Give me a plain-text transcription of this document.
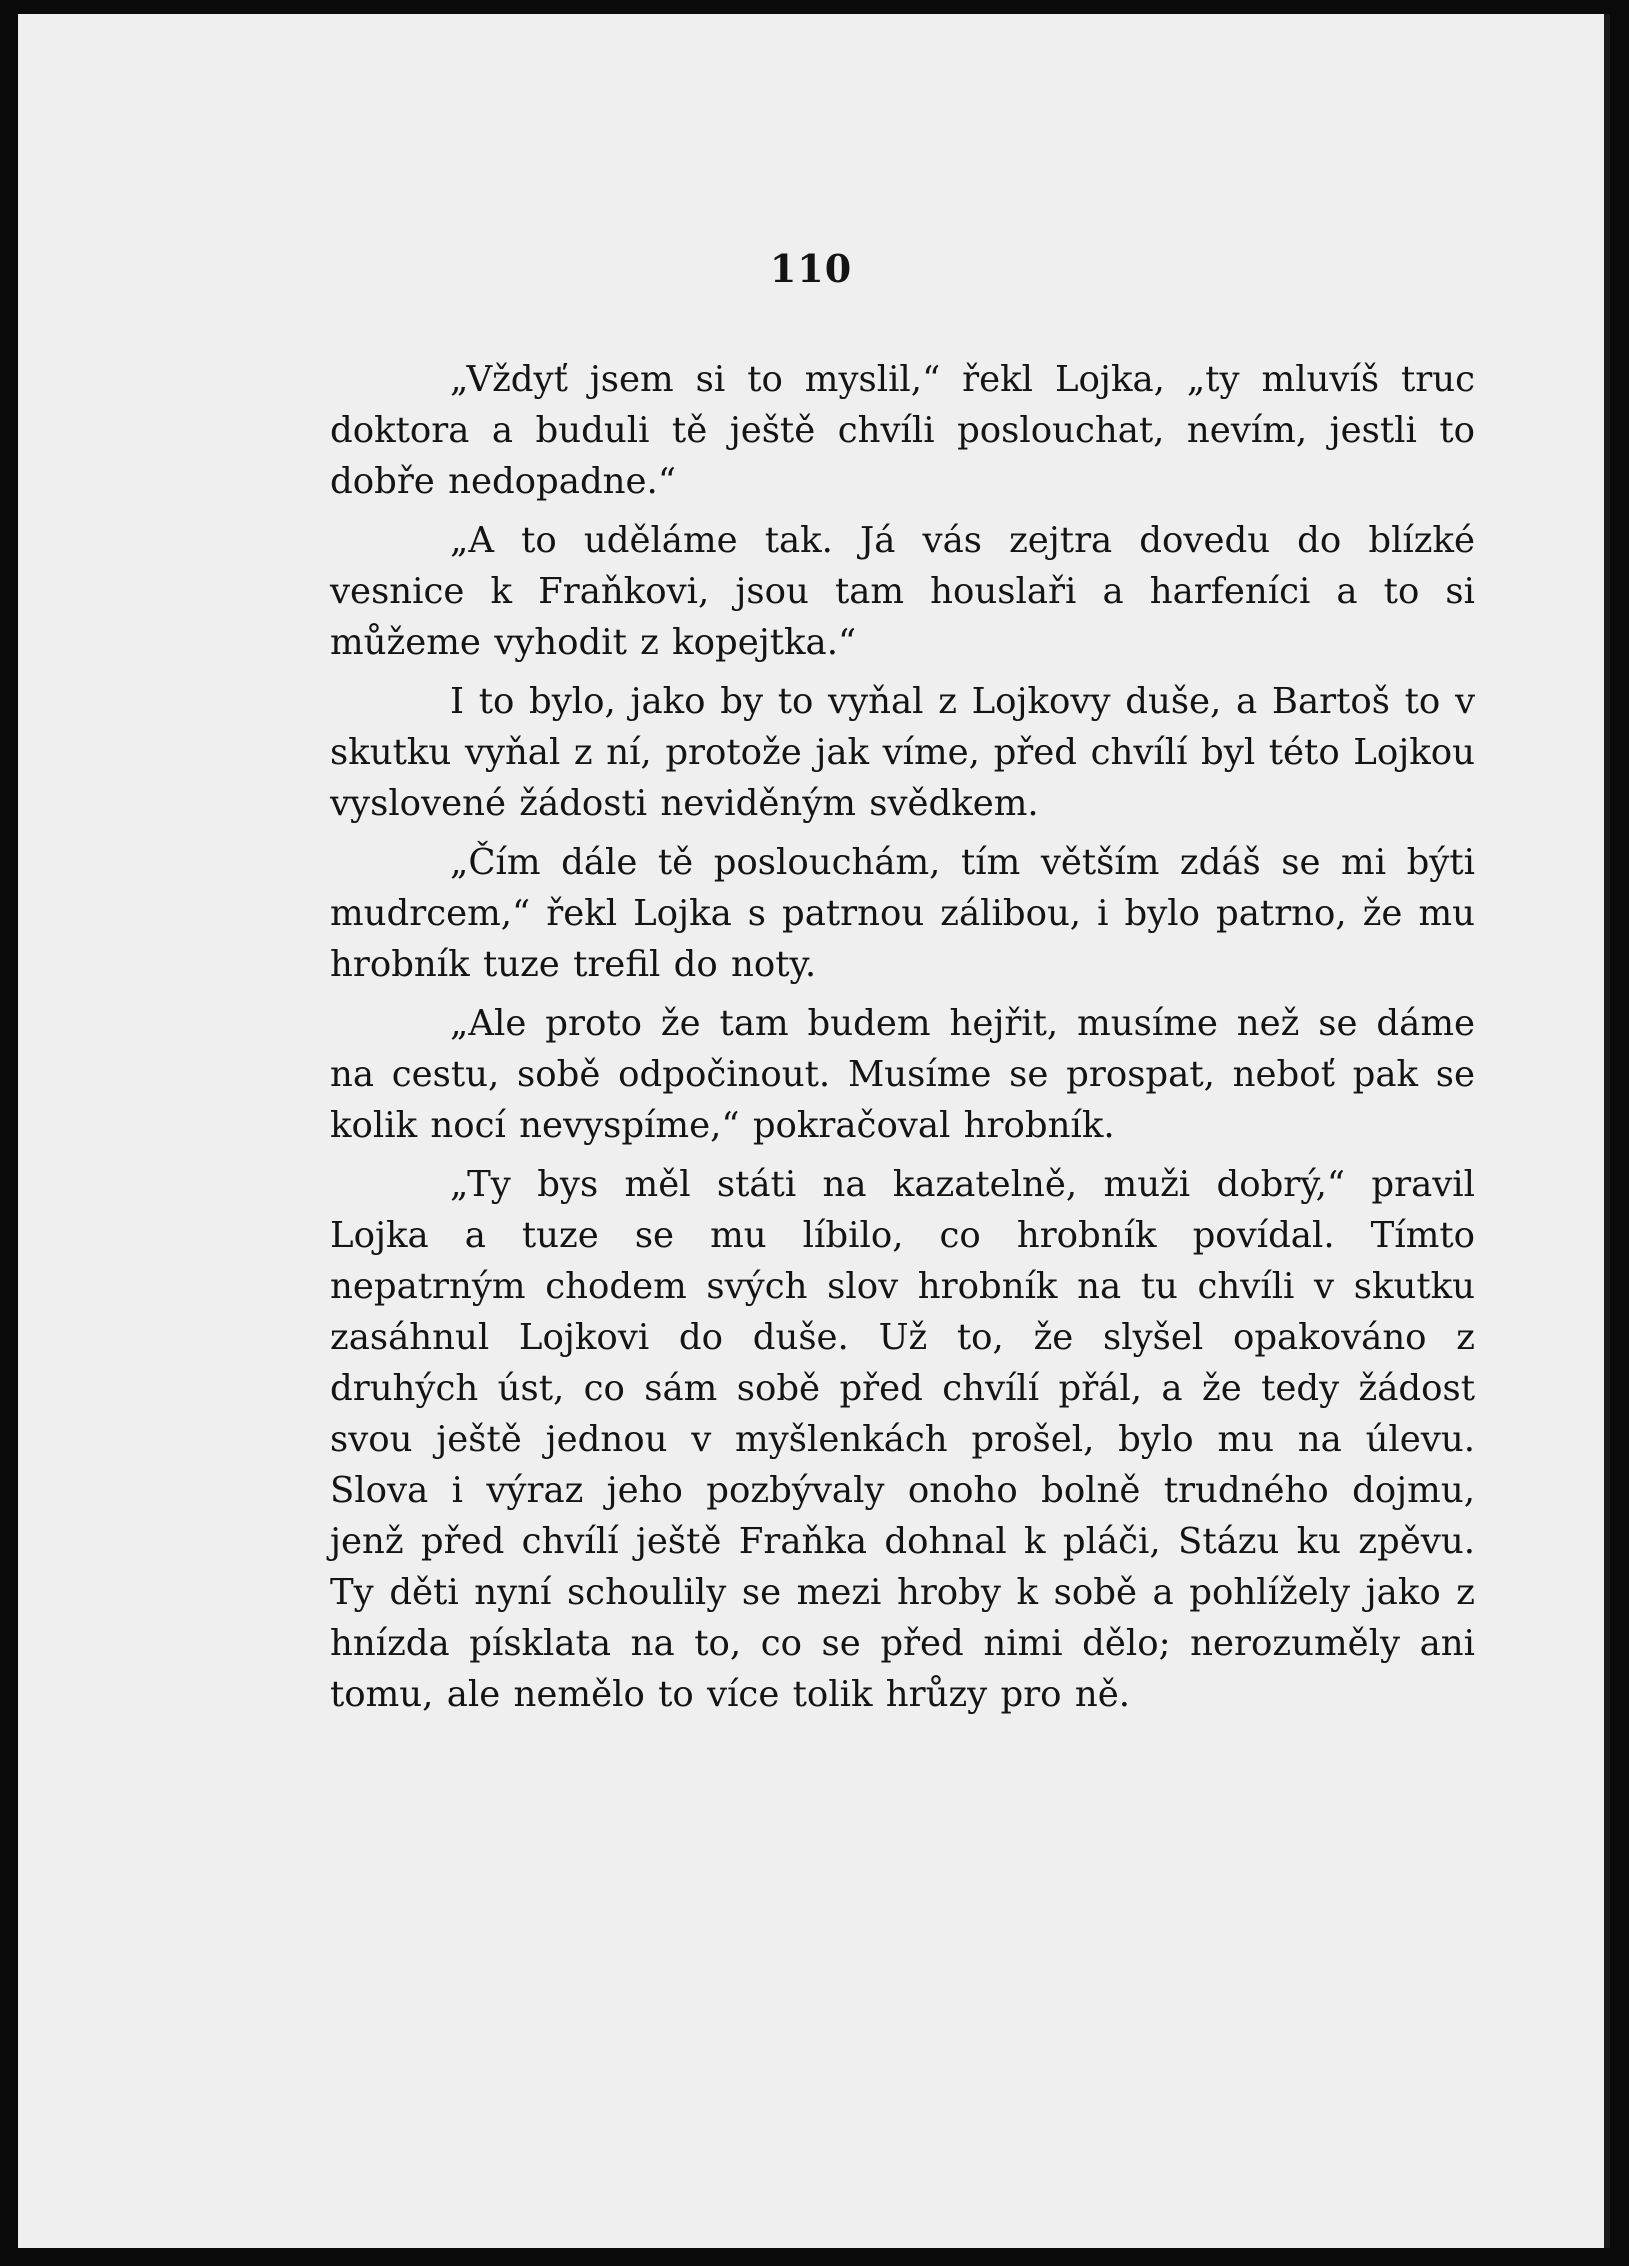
110

„Vždyť jsem si to myslil,“ řekl Lojka, „ty mluvíš truc doktora a buduli tě ještě chvíli poslouchat, nevím, jestli to dobře nedopadne.“

„A to uděláme tak. Já vás zejtra dovedu do blízké vesnice k Fraňkovi, jsou tam houslaři a harfeníci a to si můžeme vyhodit z kopejtka.“

I to bylo, jako by to vyňal z Lojkovy duše, a Bartoš to v skutku vyňal z ní, protože jak víme, před chvílí byl této Lojkou vyslovené žádosti neviděným svědkem.

„Čím dále tě poslouchám, tím větším zdáš se mi býti mudrcem,“ řekl Lojka s patrnou zálibou, i bylo patrno, že mu hrobník tuze trefil do noty.

„Ale proto že tam budem hejřit, musíme než se dáme na cestu, sobě odpočinout. Musíme se prospat, neboť pak se kolik nocí nevyspíme,“ pokračoval hrobník.

„Ty bys měl státi na kazatelně, muži dobrý,“ pravil Lojka a tuze se mu líbilo, co hrobník povídal. Tímto nepatrným chodem svých slov hrobník na tu chvíli v skutku zasáhnul Lojkovi do duše. Už to, že slyšel opakováno z druhých úst, co sám sobě před chvílí přál, a že tedy žádost svou ještě jednou v myšlenkách prošel, bylo mu na úlevu. Slova i výraz jeho pozbývaly onoho bolně trudného dojmu, jenž před chvílí ještě Fraňka dohnal k pláči, Stázu ku zpěvu. Ty děti nyní schoulily se mezi hroby k sobě a pohlížely jako z hnízda písklata na to, co se před nimi dělo; nerozuměly ani tomu, ale nemělo to více tolik hrůzy pro ně.
